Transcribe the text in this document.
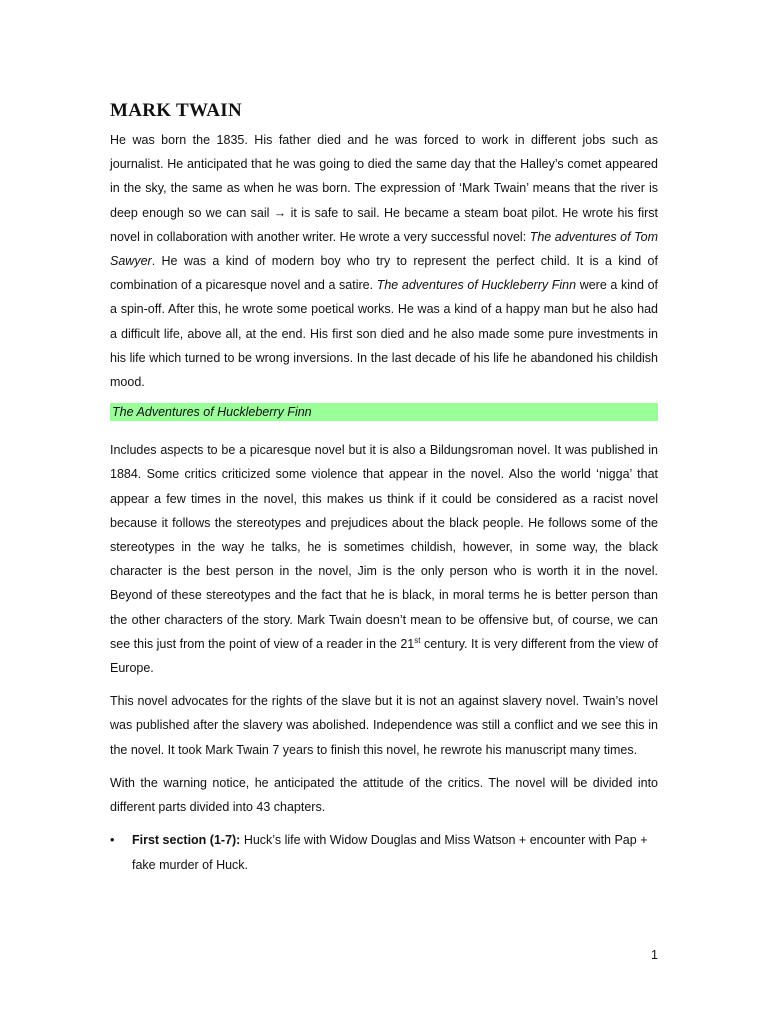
MARK TWAIN

He was born the 1835. His father died and he was forced to work in different jobs such as journalist. He anticipated that he was going to died the same day that the Halley’s comet appeared in the sky, the same as when he was born. The expression of ‘Mark Twain’ means that the river is deep enough so we can sail → it is safe to sail. He became a steam boat pilot. He wrote his first novel in collaboration with another writer. He wrote a very successful novel: The adventures of Tom Sawyer. He was a kind of modern boy who try to represent the perfect child. It is a kind of combination of a picaresque novel and a satire. The adventures of Huckleberry Finn were a kind of a spin-off. After this, he wrote some poetical works. He was a kind of a happy man but he also had a difficult life, above all, at the end. His first son died and he also made some pure investments in his life which turned to be wrong inversions. In the last decade of his life he abandoned his childish mood.

The Adventures of Huckleberry Finn

Includes aspects to be a picaresque novel but it is also a Bildungsroman novel. It was published in 1884. Some critics criticized some violence that appear in the novel. Also the world ‘nigga’ that appear a few times in the novel, this makes us think if it could be considered as a racist novel because it follows the stereotypes and prejudices about the black people. He follows some of the stereotypes in the way he talks, he is sometimes childish, however, in some way, the black character is the best person in the novel, Jim is the only person who is worth it in the novel. Beyond of these stereotypes and the fact that he is black, in moral terms he is better person than the other characters of the story. Mark Twain doesn’t mean to be offensive but, of course, we can see this just from the point of view of a reader in the 21st century. It is very different from the view of Europe.

This novel advocates for the rights of the slave but it is not an against slavery novel. Twain’s novel was published after the slavery was abolished. Independence was still a conflict and we see this in the novel. It took Mark Twain 7 years to finish this novel, he rewrote his manuscript many times.

With the warning notice, he anticipated the attitude of the critics. The novel will be divided into different parts divided into 43 chapters.

• First section (1-7): Huck’s life with Widow Douglas and Miss Watson + encounter with Pap + fake murder of Huck.
1
